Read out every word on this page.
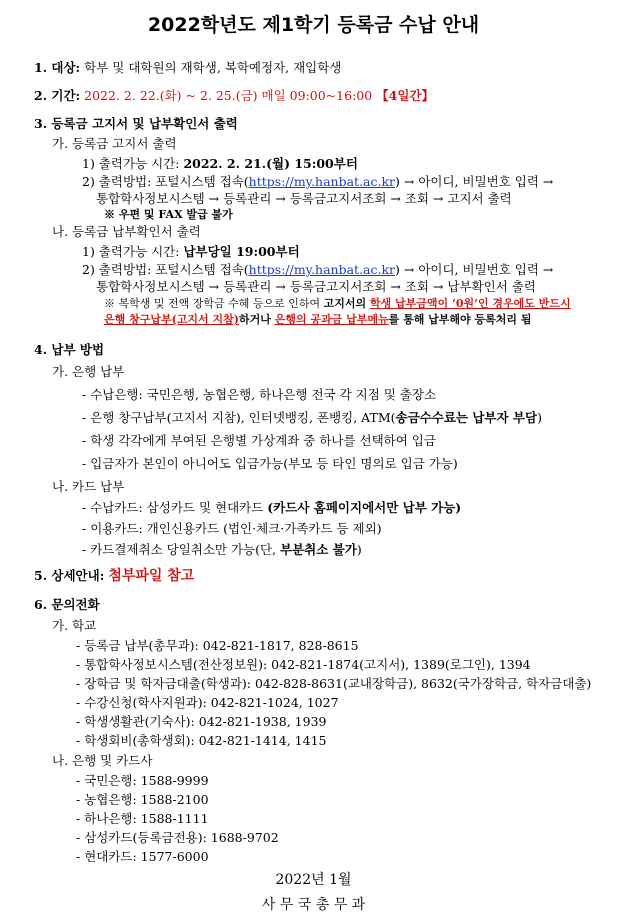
2022학년도 제1학기 등록금 수납 안내
1. 대상: 학부 및 대학원의 재학생, 복학예정자, 재입학생
2. 기간: 2022. 2. 22.(화) ~ 2. 25.(금) 매일 09:00~16:00 【4일간】
3. 등록금 고지서 및 납부확인서 출력
가. 등록금 고지서 출력
1) 출력가능 시간: 2022. 2. 21.(월) 15:00부터
2) 출력방법: 포털시스템 접속(https://my.hanbat.ac.kr) → 아이디, 비밀번호 입력 →
통합학사정보시스템 → 등록관리 → 등록금고지서조회 → 조회 → 고지서 출력
※ 우편 및 FAX 발급 불가
나. 등록금 납부확인서 출력
1) 출력가능 시간: 납부당일 19:00부터
2) 출력방법: 포털시스템 접속(https://my.hanbat.ac.kr) → 아이디, 비밀번호 입력 →
통합학사정보시스템 → 등록관리 → 등록금고지서조회 → 조회 → 납부확인서 출력
※ 복학생 및 전액 장학금 수혜 등으로 인하여 고지서의 학생 납부금액이 ‘0원’인 경우에도 반드시
은행 창구납부(고지서 지참)하거나 은행의 공과금 납부메뉴를 통해 납부해야 등록처리 됨
4. 납부 방법
가. 은행 납부
- 수납은행: 국민은행, 농협은행, 하나은행 전국 각 지점 및 출장소
- 은행 창구납부(고지서 지참), 인터넷뱅킹, 폰뱅킹, ATM(송금수수료는 납부자 부담)
- 학생 각각에게 부여된 은행별 가상계좌 중 하나를 선택하여 입금
- 입금자가 본인이 아니어도 입금가능(부모 등 타인 명의로 입금 가능)
나. 카드 납부
- 수납카드: 삼성카드 및 현대카드 (카드사 홈페이지에서만 납부 가능)
- 이용카드: 개인신용카드 (법인·체크·가족카드 등 제외)
- 카드결제취소 당일취소만 가능(단, 부분취소 불가)
5. 상세안내: 첨부파일 참고
6. 문의전화
가. 학교
- 등록금 납부(총무과): 042-821-1817, 828-8615
- 통합학사정보시스템(전산정보원): 042-821-1874(고지서), 1389(로그인), 1394
- 장학금 및 학자금대출(학생과): 042-828-8631(교내장학금), 8632(국가장학금, 학자금대출)
- 수강신청(학사지원과): 042-821-1024, 1027
- 학생생활관(기숙사): 042-821-1938, 1939
- 학생회비(총학생회): 042-821-1414, 1415
나. 은행 및 카드사
- 국민은행: 1588-9999
- 농협은행: 1588-2100
- 하나은행: 1588-1111
- 삼성카드(등록금전용): 1688-9702
- 현대카드: 1577-6000
2022년 1월
사 무 국 총 무 과
